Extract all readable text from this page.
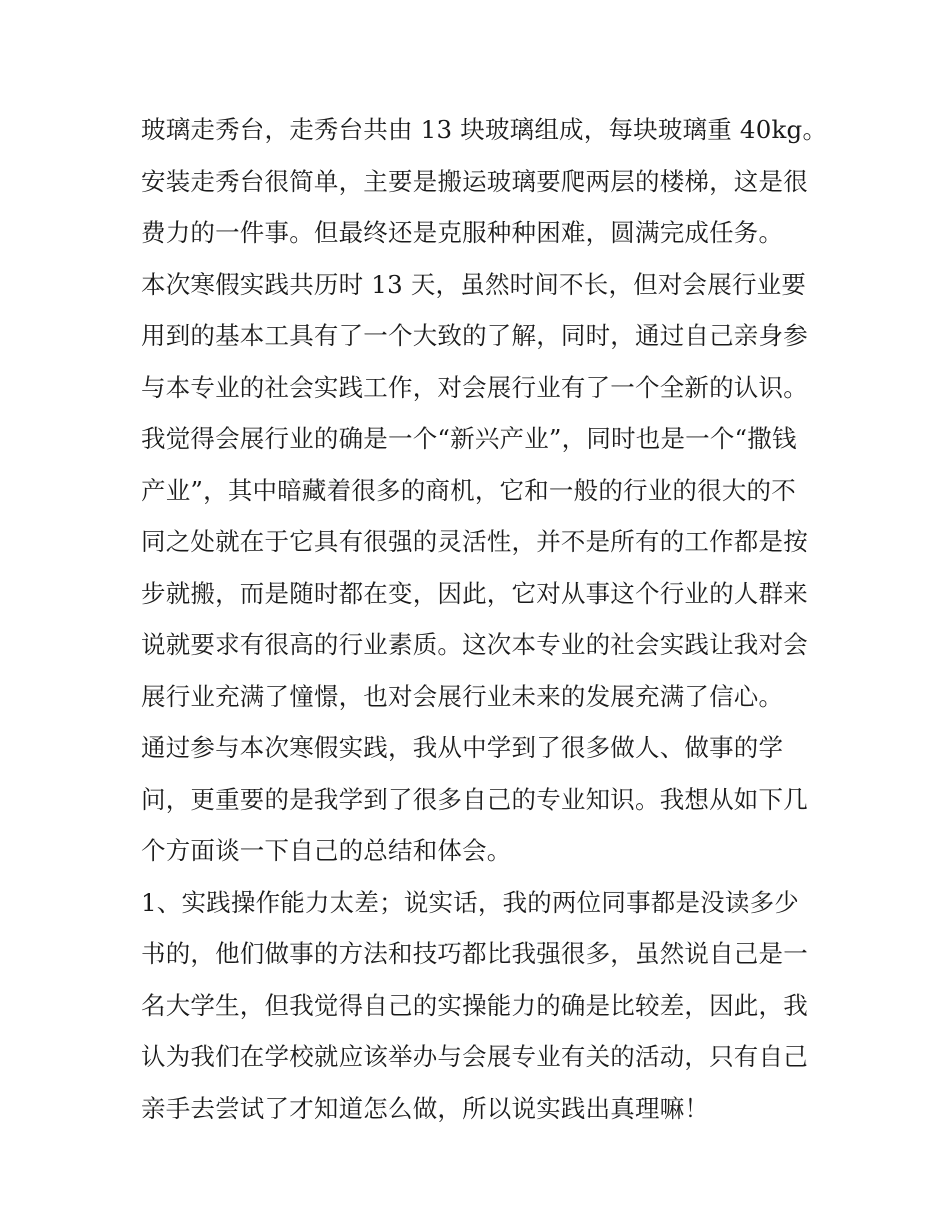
玻璃走秀台，走秀台共由 13 块玻璃组成，每块玻璃重 40kg。
安装走秀台很简单，主要是搬运玻璃要爬两层的楼梯，这是很
费力的一件事。但最终还是克服种种困难，圆满完成任务。
本次寒假实践共历时 13 天，虽然时间不长，但对会展行业要
用到的基本工具有了一个大致的了解，同时，通过自己亲身参
与本专业的社会实践工作，对会展行业有了一个全新的认识。
我觉得会展行业的确是一个“新兴产业”，同时也是一个“撒钱
产业”，其中暗藏着很多的商机，它和一般的行业的很大的不
同之处就在于它具有很强的灵活性，并不是所有的工作都是按
步就搬，而是随时都在变，因此，它对从事这个行业的人群来
说就要求有很高的行业素质。这次本专业的社会实践让我对会
展行业充满了憧憬，也对会展行业未来的发展充满了信心。
通过参与本次寒假实践，我从中学到了很多做人、做事的学
问，更重要的是我学到了很多自己的专业知识。我想从如下几
个方面谈一下自己的总结和体会。
1、实践操作能力太差；说实话，我的两位同事都是没读多少
书的，他们做事的方法和技巧都比我强很多，虽然说自己是一
名大学生，但我觉得自己的实操能力的确是比较差，因此，我
认为我们在学校就应该举办与会展专业有关的活动，只有自己
亲手去尝试了才知道怎么做，所以说实践出真理嘛！
